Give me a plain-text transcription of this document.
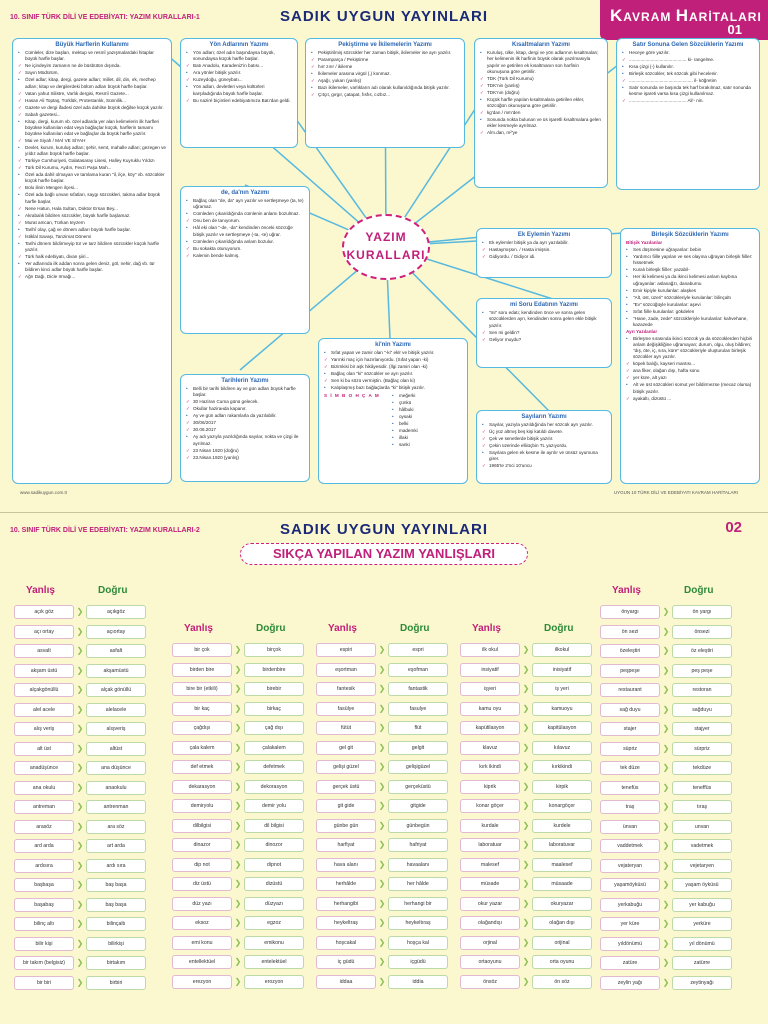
10. SINIF TÜRK DİLİ VE EDEBİYATI: YAZIM KURALLARI-1	SADIK UYGUN YAYINLARI	KAVRAM HARİTALARI
01
Büyük Harflerin Kullanımı
• Cümleler, dize başları, mektup ve resmî yazışmalardaki hitaplar büyük harfle başlar.
✓ Ne içindeyim zamanın ne de büsbütün dışında.
✓ Sayın Müdürüm,
• Özel adlar; kitap, dergi, gazete adları; millet, dil, din, ırk, mezhep adları; kitap ve dergilerdeki bölüm adları büyük harfle başlar.
✓ Vatan yahut Silistre, Varlık dergisi, Resmî Gazete...
✓ Hasan Ali Toptaş, Türklük, Protestanlık, Sünnilik...
✓ Gazete ve dergi ifadesi özel ada dahilse büyük değilse küçük yazılır.
✓ Sabah gazetesi...
• Kitap, dergi, kurum vb. özel adlarda yer alan kelimelerin ilk harfleri büyükse kullanılan edat veya bağlaçlar küçük, harflerin tamamı büyükse kullanılan edat ve bağlaçlar da büyük harfle yazılır.
✓ Mai ve Siyah / MAİ VE SİYAH
• Devlet, kurum, kuruluş adları; şehir, semt, mahalle adları; gezegen ve yıldız adları büyük harfle başlar.
✓ Türkiye Cumhuriyeti, Galatasaray Lisesi, Halley Kuyruklu Yıldızı
✓ Türk Dil Kurumu, Aydın, Fevzi Paşa Mah...
• Özel ada dahil olmayan ve tamlama kuran "il, ilçe, köy" vb. sözcükler küçük harfle başlar.
✓ Bolu ilinin Mengen ilçesi...
• Özel ada bağlı unvan sıfatları, saygı sözcükleri, takma adlar büyük harfle başlar.
✓ Nene Hatun, Hala Sultan, Doktor Ersan Bey...
• Akrabalık bildiren sözcükler, büyük harfle başlamaz.
✓ Murat amcan, Türkan teyzem
• Tarihî olay, çağ ve dönem adları büyük harfle başlar.
✓ İstiklal Savaşı, Tanzimat Dönemi
• Tarihi dönem bildirmeyip tür ve tarz bildiren sözcükler küçük harfle yazılır.
✓ Türk halk edebiyatı, divan şiiri...
• Yer adlarında ilk addan sonra gelen deniz, göl, nehir, dağ vb. tür bildiren kinci adlar büyük harfle başlar.
✓ Ağrı Dağı, Dicle Irmağı...
Yön Adlarının Yazımı
• Yön adları; özel adın başındaysa büyük, sonundaysa küçük harfle başlar.
✓ Batı Anadolu, Karadeniz'in batısı...
• Ara yönler bitişik yazılır.
✓ Kuzeydoğu, güneybatı...
• Yön adları, devletleri veya kültürleri karşıladığında büyük harfle başlar.
✓ Bu naziré biçimleri edebiyatımıza Batı'dan geldi.
Pekiştirme ve İkilemelerin Yazımı
• Pekiştirilmiş sözcükler her zaman bitişik, ikilemeler ise ayrı yazılır.
✓ Paramparça / Pekiştirme
✓ hırr zırır / ikileme
• İkilemeler arasına virgül (,) konmaz.
✓ Aşağı, yukarı (yanlış)
• Bazı ikilemeler, varlıkların adı olarak kullanıldığında bitişik yazılır.
✓ Çıtçıt, gırgır, çatapat, fısfıs, cızbız...
Kısaltmaların Yazımı
• Kuruluş, ülke, kitap, dergi ve yön adlarının kısaltmaları; her kelimenin ilk harfinin büyük olarak yazılmasıyla yapılır ve getirilen ek kısaltmanın son harfinin okunuşuna göre getirilir.
✓ TDK (Türk Dil Kurumu)
✓ TDK'nin (yanlış)
✓ TDK'nın (doğru)
• Küçük harfle yapılan kısaltmalara getirilen ekler, sözcüğün okunuşuna göre getirilir.
✓ kg'dan / mm'den
• Sonunda nokta bulunan ve üs işaretli kısaltmalara gelen ekler kesmeyle ayrılmaz.
✓ Alm.dan, m²'ye
Satır Sonuna Gelen Sözcüklerin Yazımı
• Heceye göre yazılır.
✓ ............................................. ki- rangelme.
• Kısa çizgi (-) kullanılır.
• Birleşik sözcükler, tek sözcük gibi hecelenir.
✓ .................................................. il- köğretim
• Satır sonunda ve başında tek harf bırakılmaz, satır sonunda kesme işareti varsa kısa çizgi kullanılmaz.
✓ ............................................. Ali'- nin.
de, da'nın Yazımı
• Bağlaç olan "de, da" ayrı yazılır ve sertleşmeye (ta, te) uğramaz.
• Cümleden çıkarıldığında cümlenin anlamı bozulmaz.
✓ Onu ben de tanıyorum.
• Hâl eki olan "-de, -da" kendinden önceki sözcüğe bitişik yazılır ve sertleşmeye (-ta, -te) uğrar.
• Cümleden çıkarıldığında anlam bozulur.
✓ Bu sokakta oturuyorum.
✓ Kalemin bende kalmış.
YAZIM
KURALLARI
Ek Eylemin Yazımı
• Ek eylemler bitişik ya da ayrı yazılabilir.
✓ Hastaymışsın. / Hasta imişsin.
✓ Gidiyordu. / Gidiyor idi.
mi Soru Edatının Yazımı
• "mi" soru edatı; kendinden önce ve sonra gelen sözcüklerden ayrı, kendinden sonra gelen ekle bitişik yazılır.
✓ Sen mi geldin?
✓ Geliyor muydu?
Birleşik Sözcüklerin Yazımı
Bitişik Yazılanlar
• Ses düşmesine uğrayanlar: bebin
• Yardımcı fiille yapılan ve ses olayına uğrayan birleşik fiiller: hissetmek
• Kuralı birleşik fiiller: yazabil-
• Her iki kelimesi ya da ikinci kelimesi anlam kaybına uğrayanlar: aslanağzı, danaburnu
• Emir kipiyle kurulanlar: alaşkes
• "Alt, üst, üzeri" sözcükleriyle kurulanlar: bilinçaltı
• "Ev" sözcüğüyle kurulanlar: aşevi
• Sıfat fiille kurulanlar: gökdelen
• "Hane, zade, zede" sözcükleriyle kurulanlar: kahvehane, kazazede
Ayrı Yazılanlar
• Birleşme sırasında ikinci sözcük ya da sözcüklerden hiçbiri anlam değişikliğine uğramayan; durum, olgu, oluş bildiren; "dış, öte, iç, sıra, küre" sözcükleriyle oluşturulan birleşik sözcükler ayrı yazılır.
✓ köpek balığı, kayseri mantısı...
✓ ana fiker, olağan dışı, hafta sonu
✓ yer küre, alt yazı
• Alt ve üst sözcükleri somut yer bildirmezse (mecaz olursa) bitişik yazılır.
✓ ayakaltı, dizüstü ...
Tarihlerin Yazımı
• Belli bir tarihi bildiren ay ve gün adları büyük harfle başlar.
✓ 30 Haziran Cuma günü gelecek.
✓ Okullar hazirанda kapanır.
• Ay ve gün adları rakamlarla da yazılabilir.
✓ 30/06/2017
✓ 30.06.2017
• Ay adı yazıyla yazıldığında sayılar, nokta ve çizgi ile ayrılmaz.
✓ 23 Nisan 1920 (doğru)
✓ 23.Nisan.1920 (yanlış)
ki'nin Yazımı
• Sıfat yapan ve zamir olan "-ki" eklr ve bitişik yazılır.
✓ Yarınki maç için hazırlanıyordu. (Sıfat yapan -ki)
✓ Bizimkisi bir aşk hikâyesidir. (İlgi zamiri olan -ki)
• Bağlaç olan "ki" sözcükler ve ayrı yazılır.
✓ Sen ki bu sözü vermiştin. (Bağlaç olan ki)
• Kalıplaşmış bazı bağlaçlarda "ki" bitişik yazılır.
S İ M B O H Ç A M
•	meğerki
• çünkü
• hâlbuki
• oysaki
• belki
• mademki
• illaki
• sanki
Sayıların Yazımı
• Sayılar, yazıyla yazıldığında her sözcük ayrı yazılır.
✓ Üç yüz altmış beş kişi katıldı davete.
✓ Çek ve senetlerde bitişik yazılır.
✓ Çekin üzerinde elliiüçbin TL yazıyordu.
• Sayılara gelen ek kesme ile ayrılır ve ünsüz uyumuna girer.
✓ 1965'te 2'nci 10'uncu
www.sadikuygun.com.tr	UYGUN 10 TÜRK DİLİ VE EDEBİYATI KAVRAM HARİTALARI
10. SINIF TÜRK DİLİ VE EDEBİYATI: YAZIM KURALLARI-2	SADIK UYGUN YAYINLARI	02
SIKÇA YAPILAN YAZIM YANLIŞLARI
Yanlış	Doğru
açık göz	❯	açıkgöz
açı ortay	❯	açıortay
asvalt	❯	asfalt
akşam üstü	❯	akşamüstü
alçakgönüllü	❯	alçak gönüllü
alel acele	❯	alelacele
alış veriş	❯	alışveriş
alt üst	❯	altüst
anadüşünce	❯	ana düşünce
ana okulu	❯	anaokulu
antreman	❯	antrenman
arasöz	❯	ara söz
ard arda	❯	art arda
ardısıra	❯	ardı sıra
başbaşa	❯	baş başa
başabaş	❯	baş başa
bilinç altı	❯	bilinçaltı
bilir kişi	❯	bilirkişi
bir takım (belgisiz)	❯	birtakım
bir biri	❯	birbiri
Yanlış	Doğru
bir çok	❯	birçok
birden bire	❯	birdenbire
bire bir (etkili)	❯	birebir
bir kaç	❯	birkaç
çağdışı	❯	çağ dışı
çala kalem	❯	çalakalem
def etmek	❯	defetmek
dekarasyon	❯	dekorasyon
demiryolu	❯	demir yolu
dilbilgisi	❯	dil bilgisi
dinazor	❯	dinozor
dip not	❯	dipnot
diz üstü	❯	dizüstü
düz yazı	❯	düzyazı
eksoz	❯	egzoz
emi konu	❯	emikonu
entellektüel	❯	entelektüel
erezyon	❯	erozyon
Yanlış	Doğru
espiri	❯	espri
eşortman	❯	eşofman
fantesik	❯	fantastik
fasülye	❯	fasulye
fütüt	❯	flüt
gel git	❯	gelgit
gelişi güzel	❯	gelişigüzel
gerçek üstü	❯	gerçeküstü
git gide	❯	gitgide
günbe gün	❯	günbegün
harfiyat	❯	hafriyat
hava alanı	❯	havaalanı
herhâlde	❯	her hâlde
herhangibi	❯	herhangi bir
heykeltraş	❯	heykeltıraş
hoşcakal	❯	hoşça kal
iç güdü	❯	içgüdü
iddaa	❯	iddia
Yanlış	Doğru
ilk okul	❯	ilkokul
insiyatif	❯	inisiyatif
işyeri	❯	iş yeri
kamu oyu	❯	kamuoyu
kapütilasyon	❯	kapitülasyon
klavuz	❯	kılavuz
kırk ikindi	❯	kırkikindi
kiprik	❯	kirpik
konar göçer	❯	konargöçer
kurdale	❯	kurdele
laboratuar	❯	laboratuvar
malesef	❯	maalesef
müsade	❯	müsaade
okur yazar	❯	okuryazar
olağandışı	❯	olağan dışı
orjinal	❯	orijinal
ortaoyunu	❯	orta oyunu
önsöz	❯	ön söz
Yanlış	Doğru
önyargı	❯	ön yargı
ön sezi	❯	önsezi
özeleştiri	❯	öz eleştiri
peşpeşe	❯	peş peşe
restaurant	❯	restoran
sağ duyu	❯	sağduyu
stajer	❯	stajyer
süpriz	❯	sürpriz
tek düze	❯	tekdüze
tenefüs	❯	teneffüs
traş	❯	tıraş
ünvan	❯	unvan
vaddetmek	❯	vadetmek
vejateryan	❯	vejetaryen
yaşamöyküsü	❯	yaşam öyküsü
yerkabuğu	❯	yer kabuğu
yer küre	❯	yerküre
yıldönümü	❯	yıl dönümü
zatüre	❯	zatürre
zeylin yağı	❯	zeytinyağı
